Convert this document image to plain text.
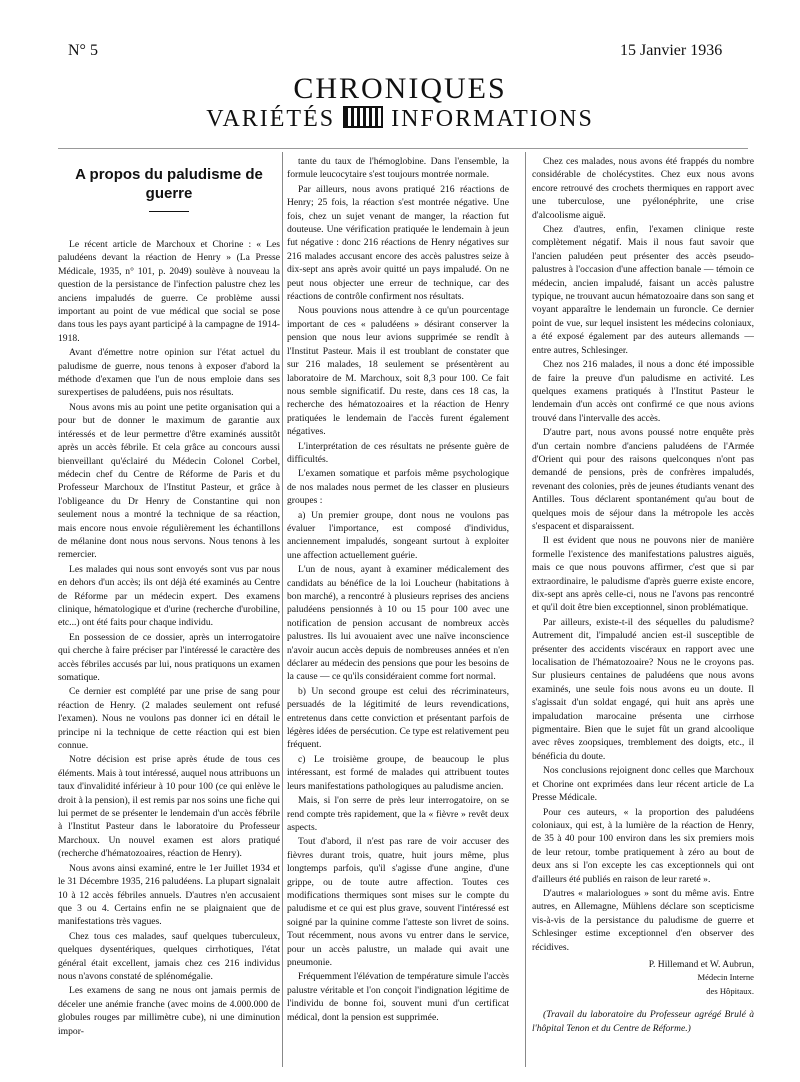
N° 5	15 Janvier 1936
CHRONIQUES
VARIÉTÉS INFORMATIONS
A propos du paludisme de guerre

Le récent article de Marchoux et Chorine : « Les paludéens devant la réaction de Henry » (La Presse Médicale, 1935, n° 101, p. 2049) soulève à nouveau la question de la persistance de l'infection palustre chez les anciens impaludés de guerre. Ce problème aussi important au point de vue médical que social se pose dans tous les pays ayant participé à la campagne de 1914-1918.

Avant d'émettre notre opinion sur l'état actuel du paludisme de guerre, nous tenons à exposer d'abord la méthode d'examen que l'un de nous emploie dans ses surexpertises de paludéens, puis nos résultats.

Nous avons mis au point une petite organisation qui a pour but de donner le maximum de garantie aux intéressés et de leur permettre d'être examinés aussitôt après un accès fébrile. Et cela grâce au concours aussi bienveillant qu'éclairé du Médecin Colonel Corbel, médecin chef du Centre de Réforme de Paris et du Professeur Marchoux de l'Institut Pasteur, et grâce à l'obligeance du Dr Henry de Constantine qui non seulement nous a montré la technique de sa réaction, mais encore nous envoie régulièrement les échantillons de mélanine dont nous nous servons. Nous tenons à les remercier.

Les malades qui nous sont envoyés sont vus par nous en dehors d'un accès; ils ont déjà été examinés au Centre de Réforme par un médecin expert. Des examens clinique, hématologique et d'urine (recherche d'urobiline, etc...) ont été faits pour chaque individu.

En possession de ce dossier, après un interrogatoire qui cherche à faire préciser par l'intéressé le caractère des accès fébriles accusés par lui, nous pratiquons un examen somatique.

Ce dernier est complété par une prise de sang pour réaction de Henry. (2 malades seulement ont refusé l'examen). Nous ne voulons pas donner ici en détail le principe ni la technique de cette réaction qui est bien connue.

Notre décision est prise après étude de tous ces éléments. Mais à tout intéressé, auquel nous attribuons un taux d'invalidité inférieur à 10 pour 100 (ce qui enlève le droit à la pension), il est remis par nos soins une fiche qui lui permet de se présenter le lendemain d'un accès fébrile à l'Institut Pasteur dans le laboratoire du Professeur Marchoux. Un nouvel examen est alors pratiqué (recherche d'hématozoaires, réaction de Henry).

Nous avons ainsi examiné, entre le 1er Juillet 1934 et le 31 Décembre 1935, 216 paludéens. La plupart signalait 10 à 12 accès fébriles annuels. D'autres n'en accusaient que 3 ou 4. Certains enfin ne se plaignaient que de manifestations très vagues.

Chez tous ces malades, sauf quelques tuberculeux, quelques dysentériques, quelques cirrhotiques, l'état général était excellent, jamais chez ces 216 individus nous n'avons constaté de splénomégalie.

Les examens de sang ne nous ont jamais permis de déceler une anémie franche (avec moins de 4.000.000 de globules rouges par millimètre cube), ni une diminution impor-

tante du taux de l'hémoglobine. Dans l'ensemble, la formule leucocytaire s'est toujours montrée normale.

Par ailleurs, nous avons pratiqué 216 réactions de Henry; 25 fois, la réaction s'est montrée négative. Une fois, chez un sujet venant de manger, la réaction fut douteuse. Une vérification pratiquée le lendemain à jeun fut négative : donc 216 réactions de Henry négatives sur 216 malades accusant encore des accès palustres seize à dix-sept ans après avoir quitté un pays impaludé. On ne peut nous objecter une erreur de technique, car des réactions de contrôle confirment nos résultats.

Nous pouvions nous attendre à ce qu'un pourcentage important de ces « paludéens » désirant conserver la pension que nous leur avions supprimée se rendît à l'Institut Pasteur. Mais il est troublant de constater que sur 216 malades, 18 seulement se présentèrent au laboratoire de M. Marchoux, soit 8,3 pour 100. Ce fait nous semble significatif. Du reste, dans ces 18 cas, la recherche des hématozoaires et la réaction de Henry pratiquées le lendemain de l'accès furent également négatives.

L'interprétation de ces résultats ne présente guère de difficultés.

L'examen somatique et parfois même psychologique de nos malades nous permet de les classer en plusieurs groupes :

a) Un premier groupe, dont nous ne voulons pas évaluer l'importance, est composé d'individus, anciennement impaludés, songeant surtout à exploiter une affection actuellement guérie.

L'un de nous, ayant à examiner médicalement des candidats au bénéfice de la loi Loucheur (habitations à bon marché), a rencontré à plusieurs reprises des anciens paludéens pensionnés à 10 ou 15 pour 100 avec une notification de pension accusant de nombreux accès palustres. Ils lui avouaient avec une naïve inconscience n'avoir aucun accès depuis de nombreuses années et n'en déclarer au médecin des pensions que pour les besoins de la cause — ce qu'ils considéraient comme fort normal.

b) Un second groupe est celui des récriminateurs, persuadés de la légitimité de leurs revendications, entretenus dans cette conviction et présentant parfois de légères idées de persécution. Ce type est relativement peu fréquent.

c) Le troisième groupe, de beaucoup le plus intéressant, est formé de malades qui attribuent toutes leurs manifestations pathologiques au paludisme ancien.

Mais, si l'on serre de près leur interrogatoire, on se rend compte très rapidement, que la « fièvre » revêt deux aspects.

Tout d'abord, il n'est pas rare de voir accuser des fièvres durant trois, quatre, huit jours même, plus longtemps parfois, qu'il s'agisse d'une angine, d'une grippe, ou de toute autre affection. Toutes ces modifications thermiques sont mises sur le compte du paludisme et ce qui est plus grave, souvent l'intéressé est soigné par la quinine comme l'atteste son livret de soins. Tout récemment, nous avons vu entrer dans le service, pour un accès palustre, un malade qui avait une pneumonie.

Fréquemment l'élévation de température simule l'accès palustre véritable et l'on conçoit l'indignation légitime de l'individu de bonne foi, souvent muni d'un certificat médical, dont la pension est supprimée.

Chez ces malades, nous avons été frappés du nombre considérable de cholécystites. Chez eux nous avons encore retrouvé des crochets thermiques en rapport avec une tuberculose, une pyélonéphrite, une crise d'alcoolisme aiguë.

Chez d'autres, enfin, l'examen clinique reste complètement négatif. Mais il nous faut savoir que l'ancien paludéen peut présenter des accès pseudo-palustres à l'occasion d'une affection banale — témoin ce médecin, ancien impaludé, faisant un accès palustre typique, ne trouvant aucun hématozoaire dans son sang et voyant apparaître le lendemain un furoncle. Ce dernier point de vue, sur lequel insistent les médecins coloniaux, a été exposé également par des auteurs allemands — entre autres, Schlesinger.

Chez nos 216 malades, il nous a donc été impossible de faire la preuve d'un paludisme en activité. Les quelques examens pratiqués à l'Institut Pasteur le lendemain d'un accès ont confirmé ce que nous avions trouvé dans l'intervalle des accès.

D'autre part, nous avons poussé notre enquête près d'un certain nombre d'anciens paludéens de l'Armée d'Orient qui pour des raisons quelconques n'ont pas demandé de pensions, près de confrères impaludés, revenant des colonies, près de jeunes étudiants venant des Antilles. Tous déclarent spontanément qu'au bout de quelques mois de séjour dans la métropole les accès s'espacent et disparaissent.

Il est évident que nous ne pouvons nier de manière formelle l'existence des manifestations palustres aiguës, mais ce que nous pouvons affirmer, c'est que si par extraordinaire, le paludisme d'après guerre existe encore, dix-sept ans après celle-ci, nous ne l'avons pas rencontré et qu'il doit être bien exceptionnel, sinon problématique.

Par ailleurs, existe-t-il des séquelles du paludisme? Autrement dit, l'impaludé ancien est-il susceptible de présenter des accidents viscéraux en rapport avec une localisation de l'hématozoaire? Nous ne le croyons pas. Sur plusieurs centaines de paludéens que nous avons examinés, une seule fois nous avons eu un doute. Il s'agissait d'un soldat engagé, qui huit ans après une impaludation marocaine présenta une cirrhose pigmentaire. Bien que le sujet fût un grand alcoolique avec rêves zoopsiques, tremblement des doigts, etc., il bénéficia du doute.

Nos conclusions rejoignent donc celles que Marchoux et Chorine ont exprimées dans leur récent article de La Presse Médicale.

Pour ces auteurs, « la proportion des paludéens coloniaux, qui est, à la lumière de la réaction de Henry, de 35 à 40 pour 100 environ dans les six premiers mois de leur retour, tombe pratiquement à zéro au bout de deux ans si l'on excepte les cas exceptionnels qui ont d'ailleurs été publiés en raison de leur rareté ».

D'autres « malariologues » sont du même avis. Entre autres, en Allemagne, Mühlens déclare son scepticisme vis-à-vis de la persistance du paludisme de guerre et Schlesinger estime exceptionnel d'en observer des récidives.

P. Hillemand et W. Aubrun,
Médecin Interne
des Hôpitaux.
(Travail du laboratoire du Professeur agrégé Brulé à l'hôpital Tenon et du Centre de Réforme.)
